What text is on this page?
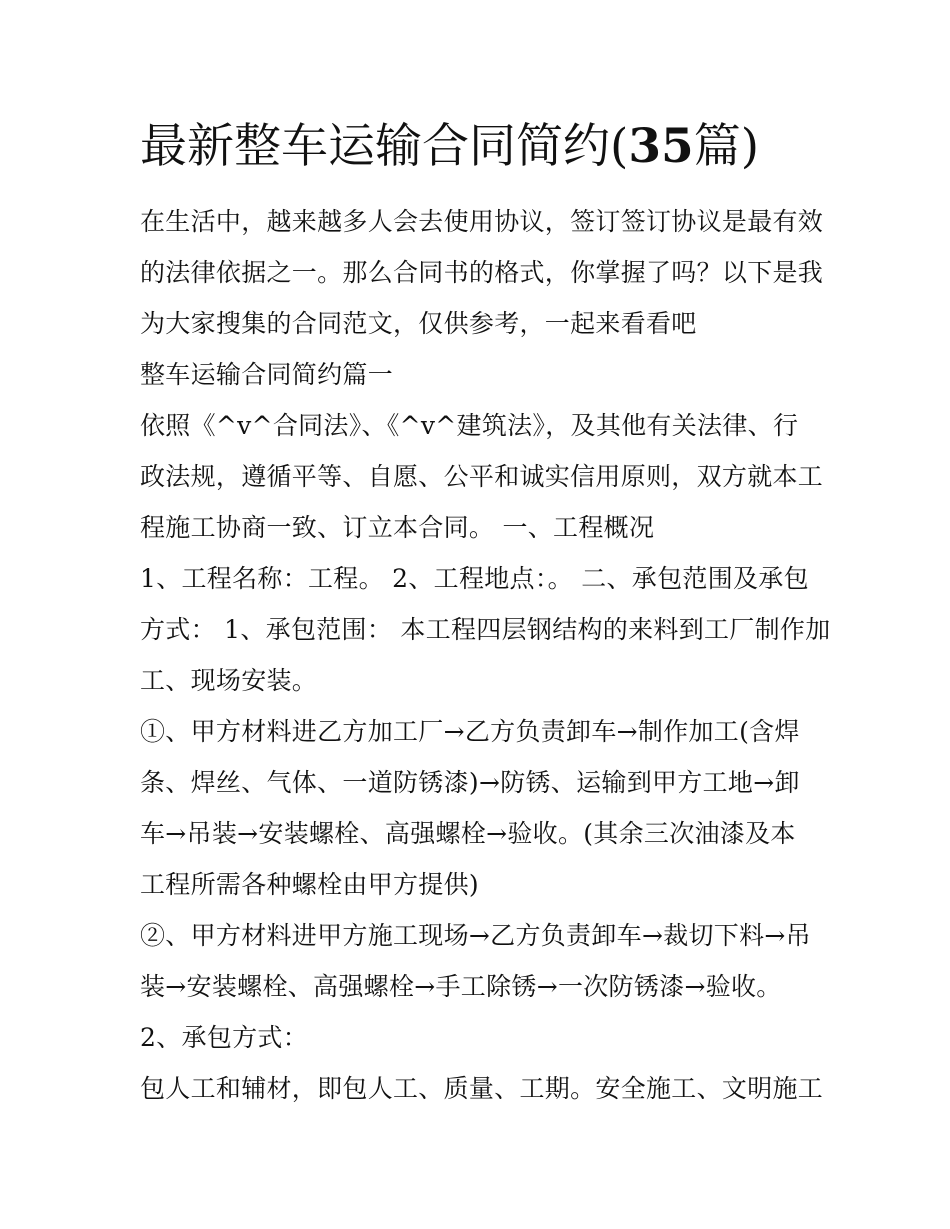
最新整车运输合同简约(35篇)
在生活中，越来越多人会去使用协议，签订签订协议是最有效
的法律依据之一。那么合同书的格式，你掌握了吗？以下是我
为大家搜集的合同范文，仅供参考，一起来看看吧
整车运输合同简约篇一
依照《^v^合同法》、《^v^建筑法》，及其他有关法律、行
政法规，遵循平等、自愿、公平和诚实信用原则，双方就本工
程施工协商一致、订立本合同。 一、工程概况
1、工程名称：工程。 2、工程地点：。 二、承包范围及承包
方式： 1、承包范围： 本工程四层钢结构的来料到工厂制作加
工、现场安装。
①、甲方材料进乙方加工厂→乙方负责卸车→制作加工(含焊
条、焊丝、气体、一道防锈漆)→防锈、运输到甲方工地→卸
车→吊装→安装螺栓、高强螺栓→验收。(其余三次油漆及本
工程所需各种螺栓由甲方提供)
②、甲方材料进甲方施工现场→乙方负责卸车→裁切下料→吊
装→安装螺栓、高强螺栓→手工除锈→一次防锈漆→验收。
2、承包方式：
包人工和辅材，即包人工、质量、工期。安全施工、文明施工
